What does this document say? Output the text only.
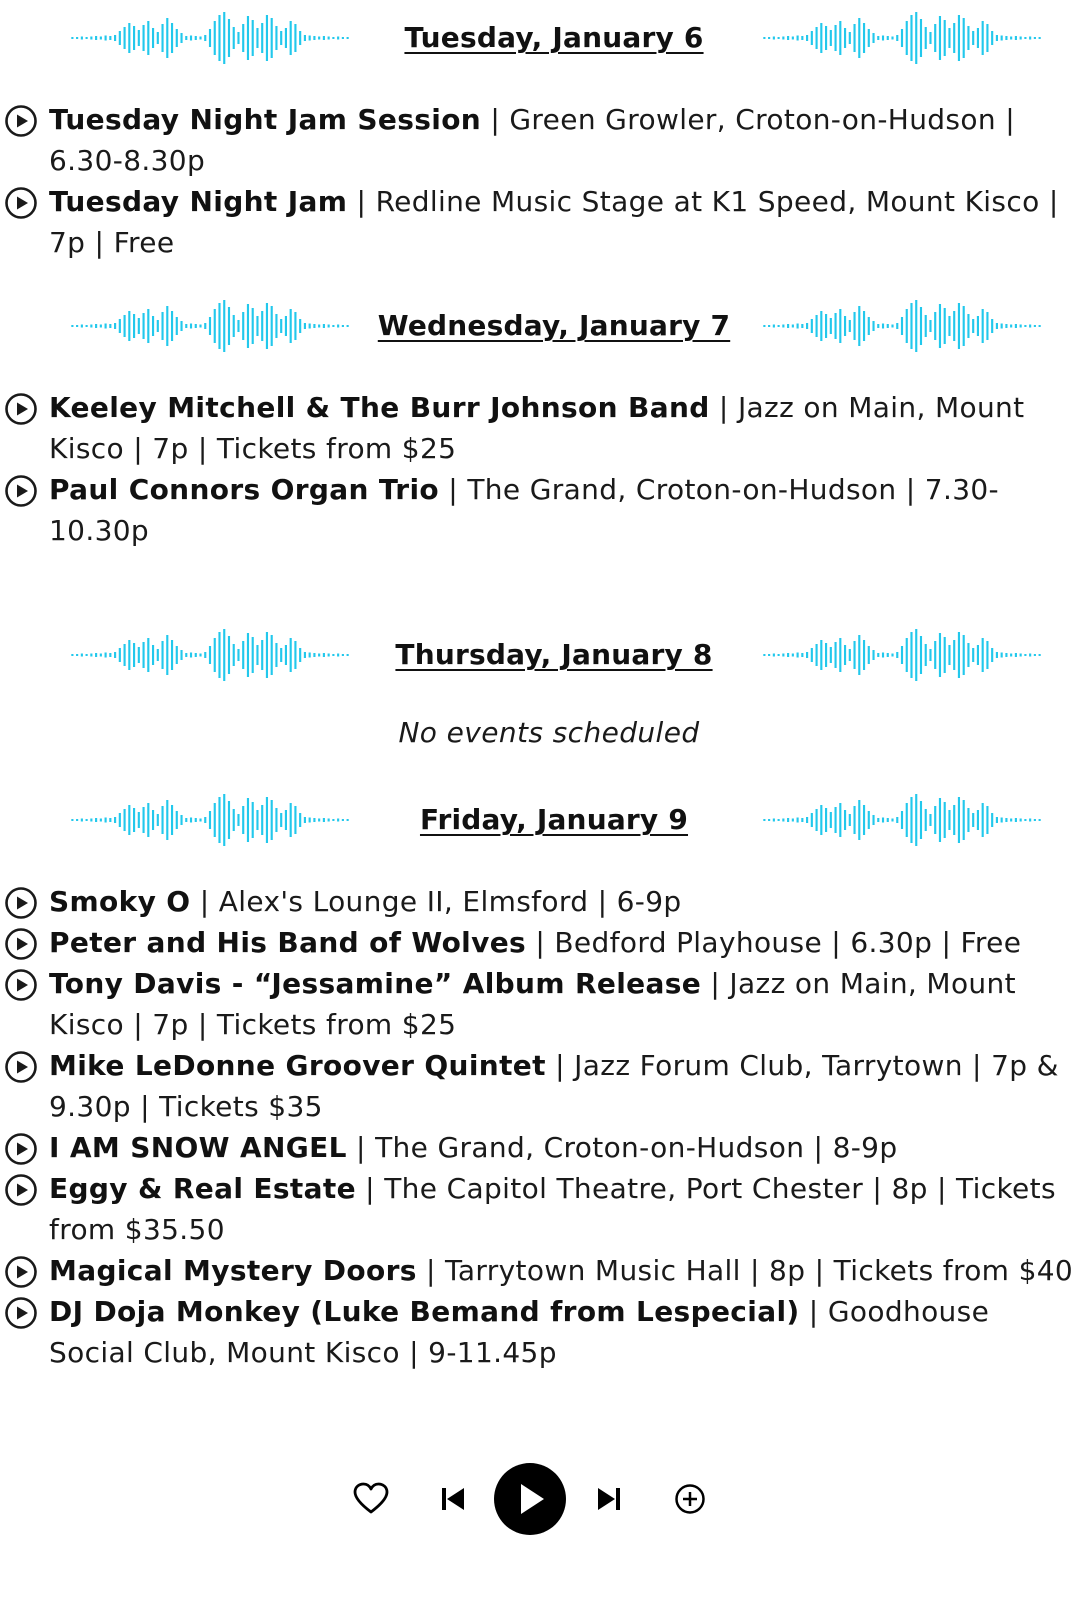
Tuesday, January 6
Tuesday Night Jam Session | Green Growler, Croton-on-Hudson | 6.30-8.30p
Tuesday Night Jam | Redline Music Stage at K1 Speed, Mount Kisco | 7p | Free
Wednesday, January 7
Keeley Mitchell & The Burr Johnson Band | Jazz on Main, Mount Kisco | 7p | Tickets from $25
Paul Connors Organ Trio | The Grand, Croton-on-Hudson | 7.30-10.30p
Thursday, January 8
No events scheduled
Friday, January 9
Smoky O | Alex's Lounge II, Elmsford | 6-9p
Peter and His Band of Wolves | Bedford Playhouse | 6.30p | Free
Tony Davis - “Jessamine” Album Release | Jazz on Main, Mount Kisco | 7p | Tickets from $25
Mike LeDonne Groover Quintet | Jazz Forum Club, Tarrytown | 7p & 9.30p | Tickets $35
I AM SNOW ANGEL | The Grand, Croton-on-Hudson | 8-9p
Eggy & Real Estate | The Capitol Theatre, Port Chester | 8p | Tickets from $35.50
Magical Mystery Doors | Tarrytown Music Hall | 8p | Tickets from $40
DJ Doja Monkey (Luke Bemand from Lespecial) | Goodhouse Social Club, Mount Kisco | 9-11.45p
